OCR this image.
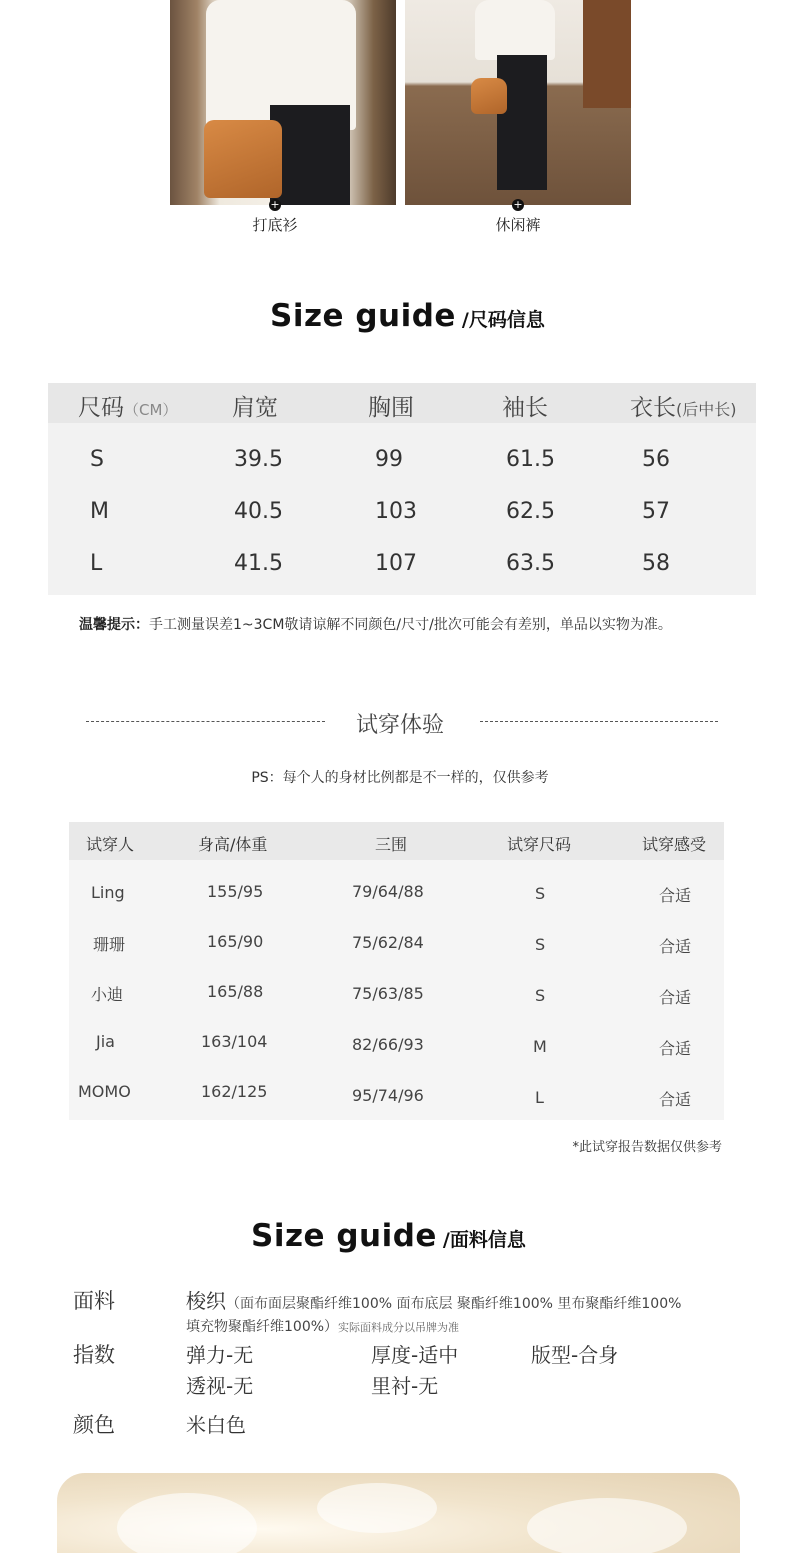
+
打底衫
+
休闲裤
Size guide /尺码信息
尺码（CM） 肩宽	胸围	袖长	衣长(后中长)
S	39.5	99	61.5	56
M	40.5	103	62.5	57
L	41.5	107	63.5	58
温馨提示：手工测量误差1~3CM敬请谅解不同颜色/尺寸/批次可能会有差别，单品以实物为准。
试穿体验
PS：每个人的身材比例都是不一样的，仅供参考
试穿人	身高/体重	三围	试穿尺码	试穿感受
Ling	155/95	79/64/88	S	合适
珊珊	165/90	75/62/84	S	合适
小迪	165/88	75/63/85	S	合适
Jia	163/104	82/66/93	M	合适
MOMO	162/125	95/74/96	L	合适
*此试穿报告数据仅供参考
Size guide /面料信息
面料	梭织（面布面层聚酯纤维100% 面布底层 聚酯纤维100% 里布聚酯纤维100%
填充物聚酯纤维100%）实际面料成分以吊牌为准
指数	弹力-无	厚度-适中	版型-合身
透视-无	里衬-无
颜色	米白色
